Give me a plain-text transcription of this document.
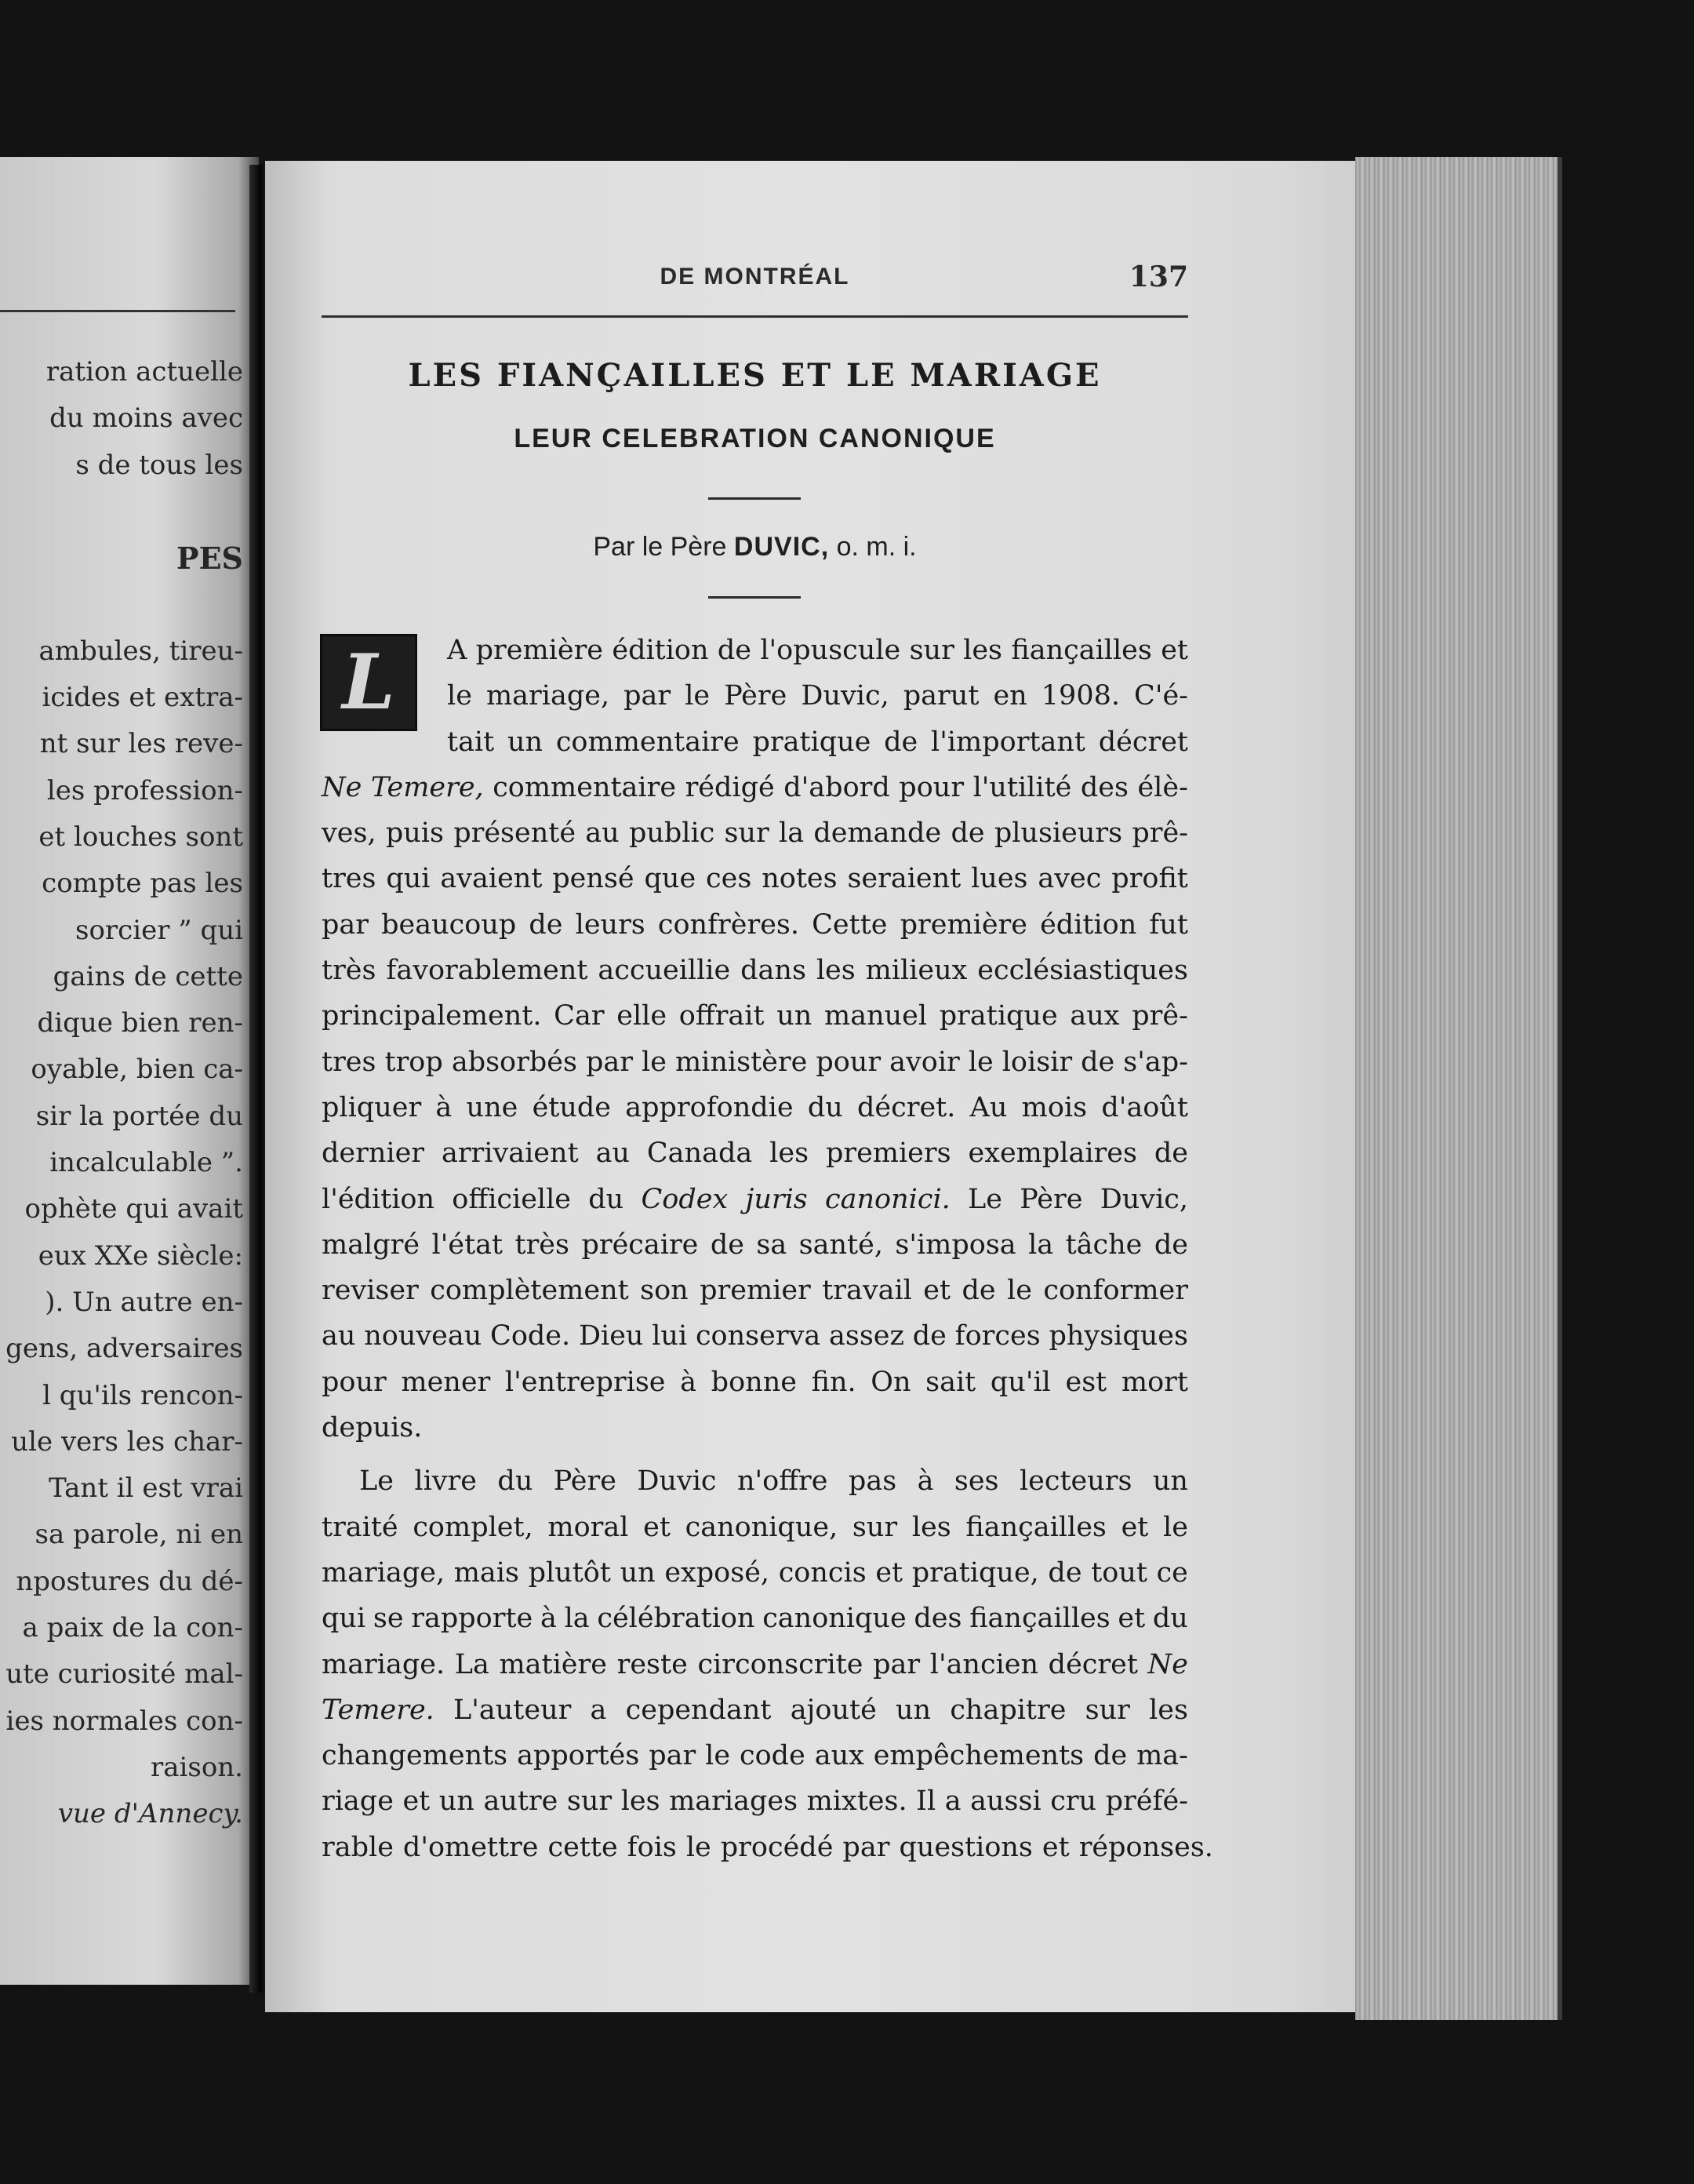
ration actuelle
du moins avec
s de tous les

PES

ambules, tireu-
icides et extra-
nt sur les reve-
les profession-
et louches sont
compte pas les
sorcier ” qui
gains de cette
dique bien ren-
oyable, bien ca-
sir la portée du
incalculable ”.
ophète qui avait
eux XXe siècle:
). Un autre en-
gens, adversaires
l qu'ils rencon-
ule vers les char-
Tant il est vrai
sa parole, ni en
npostures du dé-
a paix de la con-
ute curiosité mal-
ies normales con-
raison.
vue d'Annecy.
DE MONTRÉAL	137
LES FIANÇAILLES ET LE MARIAGE
LEUR CELEBRATION CANONIQUE
Par le Père DUVIC, o. m. i.
L A première édition de l'opuscule sur les fiançailles et
le mariage, par le Père Duvic, parut en 1908. C'é-
tait un commentaire pratique de l'important décret
Ne Temere, commentaire rédigé d'abord pour l'utilité des élè-
ves, puis présenté au public sur la demande de plusieurs prê-
tres qui avaient pensé que ces notes seraient lues avec profit
par beaucoup de leurs confrères. Cette première édition fut
très favorablement accueillie dans les milieux ecclésiastiques
principalement. Car elle offrait un manuel pratique aux prê-
tres trop absorbés par le ministère pour avoir le loisir de s'ap-
pliquer à une étude approfondie du décret. Au mois d'août
dernier arrivaient au Canada les premiers exemplaires de
l'édition officielle du Codex juris canonici. Le Père Duvic,
malgré l'état très précaire de sa santé, s'imposa la tâche de
reviser complètement son premier travail et de le conformer
au nouveau Code. Dieu lui conserva assez de forces physiques
pour mener l'entreprise à bonne fin. On sait qu'il est mort
depuis.
Le livre du Père Duvic n'offre pas à ses lecteurs un
traité complet, moral et canonique, sur les fiançailles et le
mariage, mais plutôt un exposé, concis et pratique, de tout ce
qui se rapporte à la célébration canonique des fiançailles et du
mariage. La matière reste circonscrite par l'ancien décret Ne
Temere. L'auteur a cependant ajouté un chapitre sur les
changements apportés par le code aux empêchements de ma-
riage et un autre sur les mariages mixtes. Il a aussi cru préfé-
rable d'omettre cette fois le procédé par questions et réponses.
